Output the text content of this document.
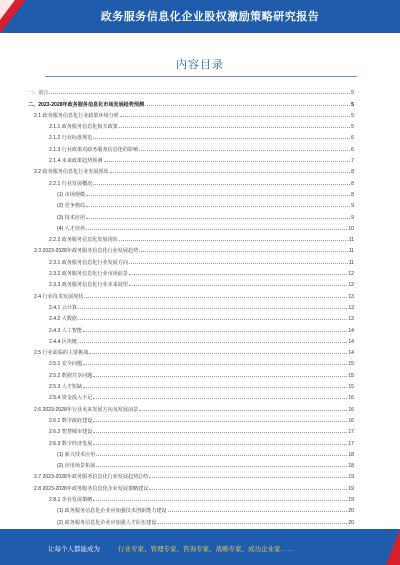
政务服务信息化企业股权激励策略研究报告
内容目录
一、前言	5
二、2023-2028年政务服务信息化市场发展趋势预测	5
2.1 政务服务信息化行业政策环境分析	5
2.1.1 政务服务信息化相关政策	5
2.1.2 行业标准规范	6
2.1.3 行业政策对政务服务信息化的影响	6
2.1.4 未来政策趋势预测	7
2.2 政务服务信息化行业发展现状	8
2.2.1 行业发展概况	8
(1) 市场规模	8
(2) 竞争格局	9
(3) 技术应用	9
(4) 人才培养	10
2.2.2 政务服务信息化发展现状	11
2.3 2023-2028年政务服务信息化行业发展趋势	11
2.3.1 政务服务信息化行业发展方向	11
2.3.2 政务服务信息化行业市场前景	12
2.3.3 政务服务信息化行业未来展望	12
2.4 行业技术发展现状	13
2.4.1 云计算	13
2.4.2 大数据	13
2.4.3 人工智能	14
2.4.4 区块链	14
2.5 行业面临的主要挑战	14
2.5.1 安全问题	15
2.5.2 数据共享问题	15
2.5.3 人才短缺	15
2.5.4 资金投入不足	16
2.6 2023-2028年行业未来发展方向及发展前景	16
2.6.1 数字政府建设	16
2.6.2 智慧城市建设	17
2.6.3 数字经济发展	17
(1) 新兴技术应用	18
(2) 应用场景拓展	18
2.7 2023-2028年政务服务信息化行业发展趋势总结	19
2.8 2023-2028年政务服务信息化企业发展策略建议	19
2.8.1 企业发展策略	19
(1) 政务服务信息化企业应加强技术创新能力建设	20
(2) 政务服务信息化企业应加强人才队伍建设	20
让每个人都能成为	行业专家、管理专家、咨询专家、战略专家、成功企业家……
